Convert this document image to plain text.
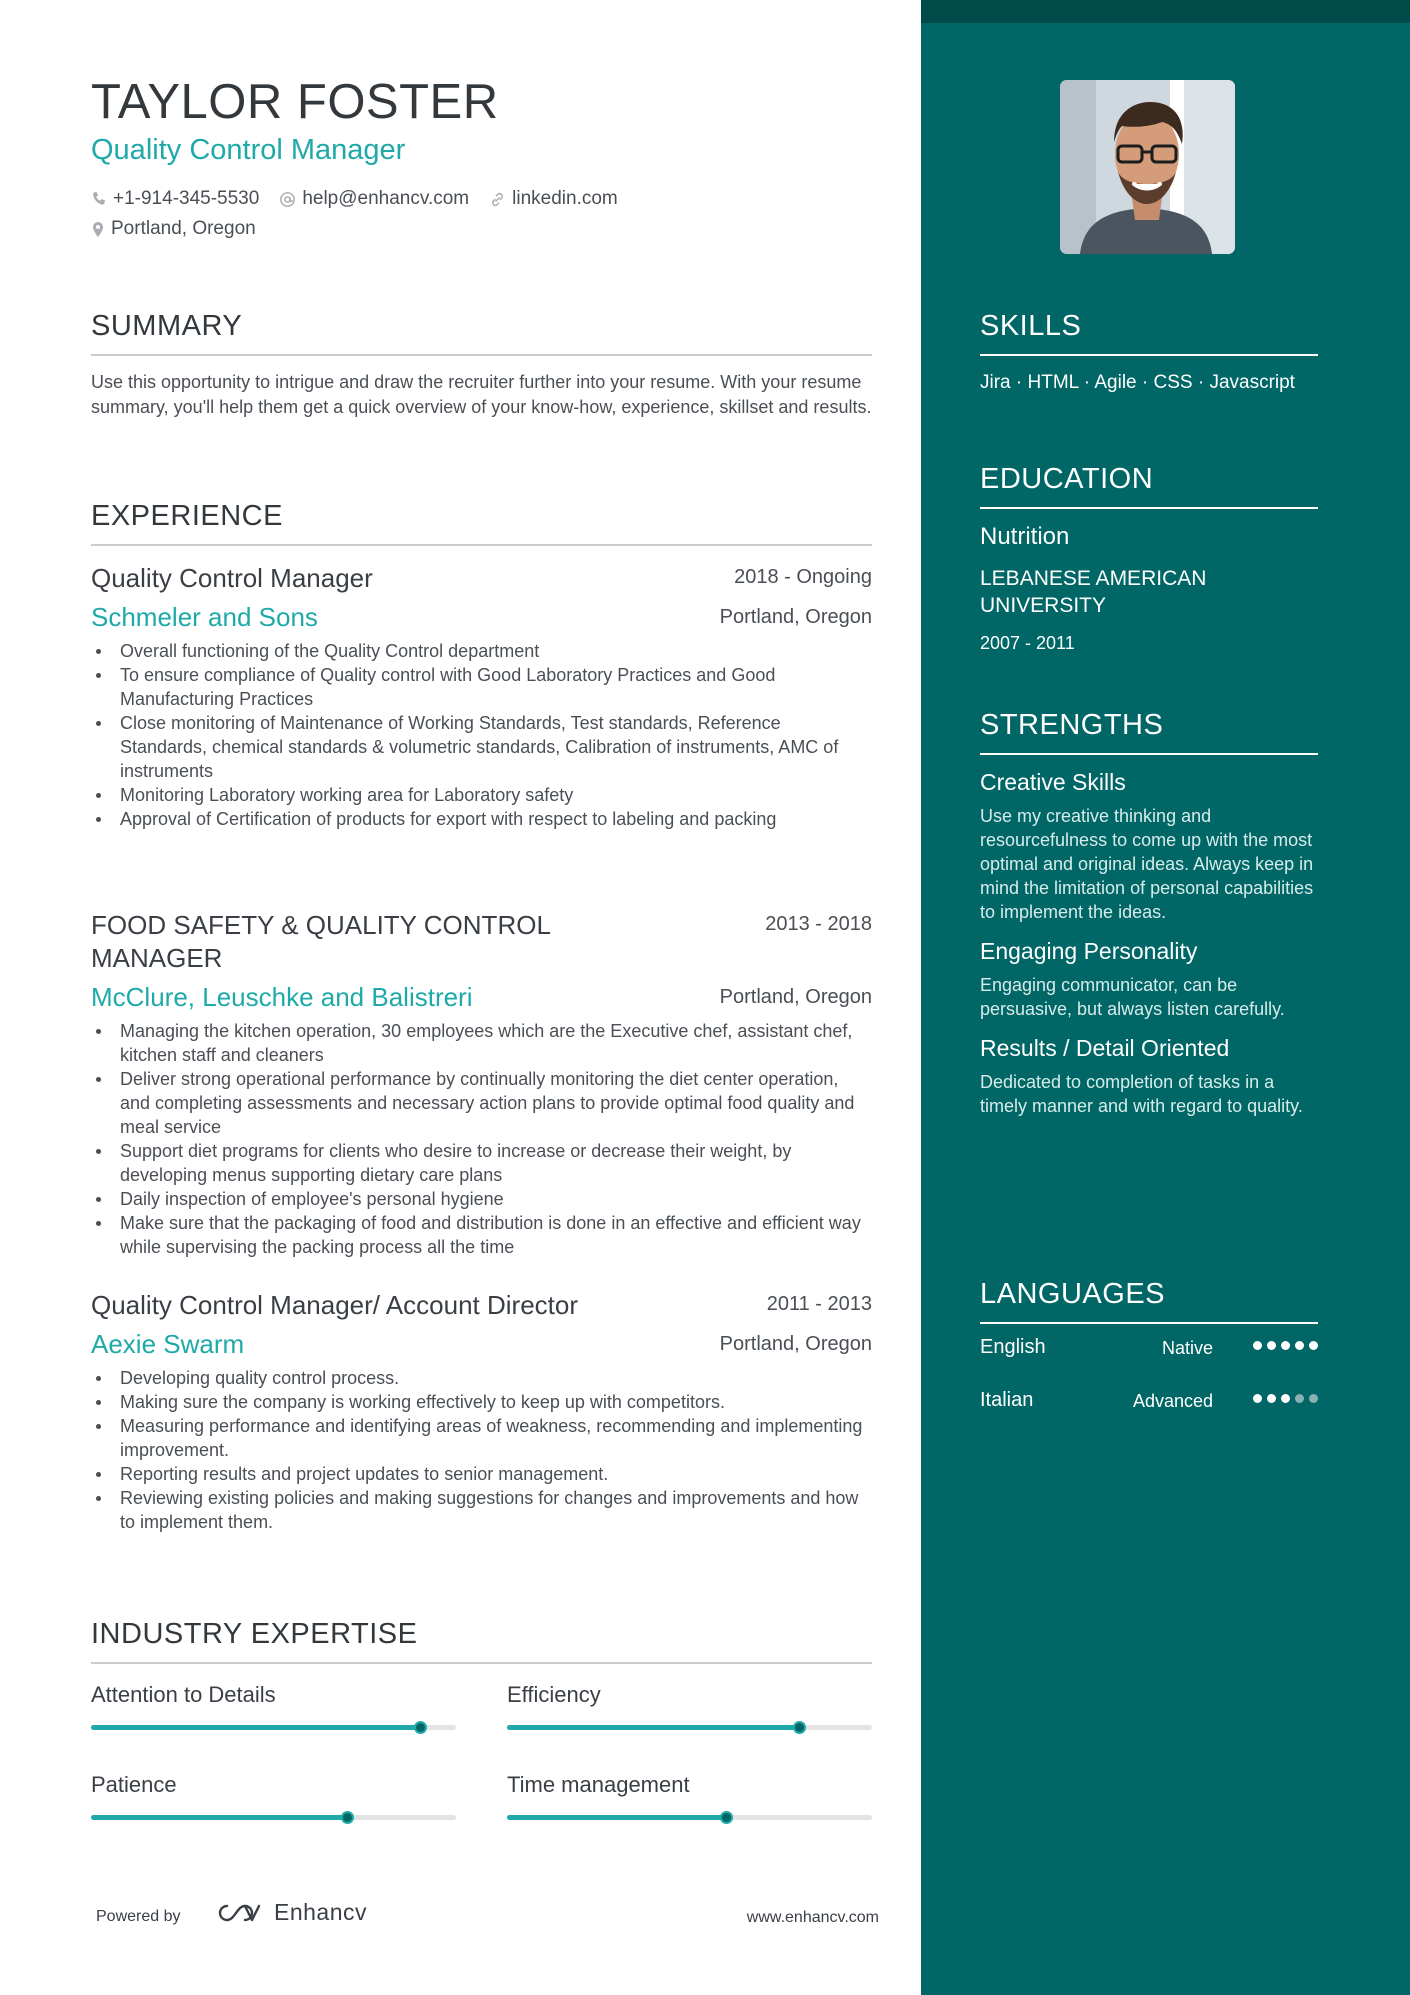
TAYLOR FOSTER
Quality Control Manager
+1-914-345-5530 help@enhancv.com linkedin.com
Portland, Oregon
SUMMARY
Use this opportunity to intrigue and draw the recruiter further into your resume. With your resume summary, you'll help them get a quick overview of your know-how, experience, skillset and results.
EXPERIENCE
Quality Control Manager	2018 - Ongoing
Schmeler and Sons	Portland, Oregon
Overall functioning of the Quality Control department
To ensure compliance of Quality control with Good Laboratory Practices and Good Manufacturing Practices
Close monitoring of Maintenance of Working Standards, Test standards, Reference Standards, chemical standards & volumetric standards, Calibration of instruments, AMC of instruments
Monitoring Laboratory working area for Laboratory safety
Approval of Certification of products for export with respect to labeling and packing
FOOD SAFETY & QUALITY CONTROL MANAGER
2013 - 2018
McClure, Leuschke and Balistreri	Portland, Oregon
Managing the kitchen operation, 30 employees which are the Executive chef, assistant chef, kitchen staff and cleaners
Deliver strong operational performance by continually monitoring the diet center operation, and completing assessments and necessary action plans to provide optimal food quality and meal service
Support diet programs for clients who desire to increase or decrease their weight, by developing menus supporting dietary care plans
Daily inspection of employee's personal hygiene
Make sure that the packaging of food and distribution is done in an effective and efficient way while supervising the packing process all the time
Quality Control Manager/ Account Director	2011 - 2013
Aexie Swarm	Portland, Oregon
Developing quality control process.
Making sure the company is working effectively to keep up with competitors.
Measuring performance and identifying areas of weakness, recommending and implementing improvement.
Reporting results and project updates to senior management.
Reviewing existing policies and making suggestions for changes and improvements and how to implement them.
INDUSTRY EXPERTISE
Attention to Details	Efficiency
Patience	Time management
Powered by	Enhancv	www.enhancv.com
SKILLS
Jira · HTML · Agile · CSS · Javascript
EDUCATION
Nutrition
LEBANESE AMERICAN UNIVERSITY
2007 - 2011
STRENGTHS
Creative Skills
Use my creative thinking and resourcefulness to come up with the most optimal and original ideas. Always keep in mind the limitation of personal capabilities to implement the ideas.
Engaging Personality
Engaging communicator, can be persuasive, but always listen carefully.
Results / Detail Oriented
Dedicated to completion of tasks in a timely manner and with regard to quality.
LANGUAGES
English	Native
Italian	Advanced
